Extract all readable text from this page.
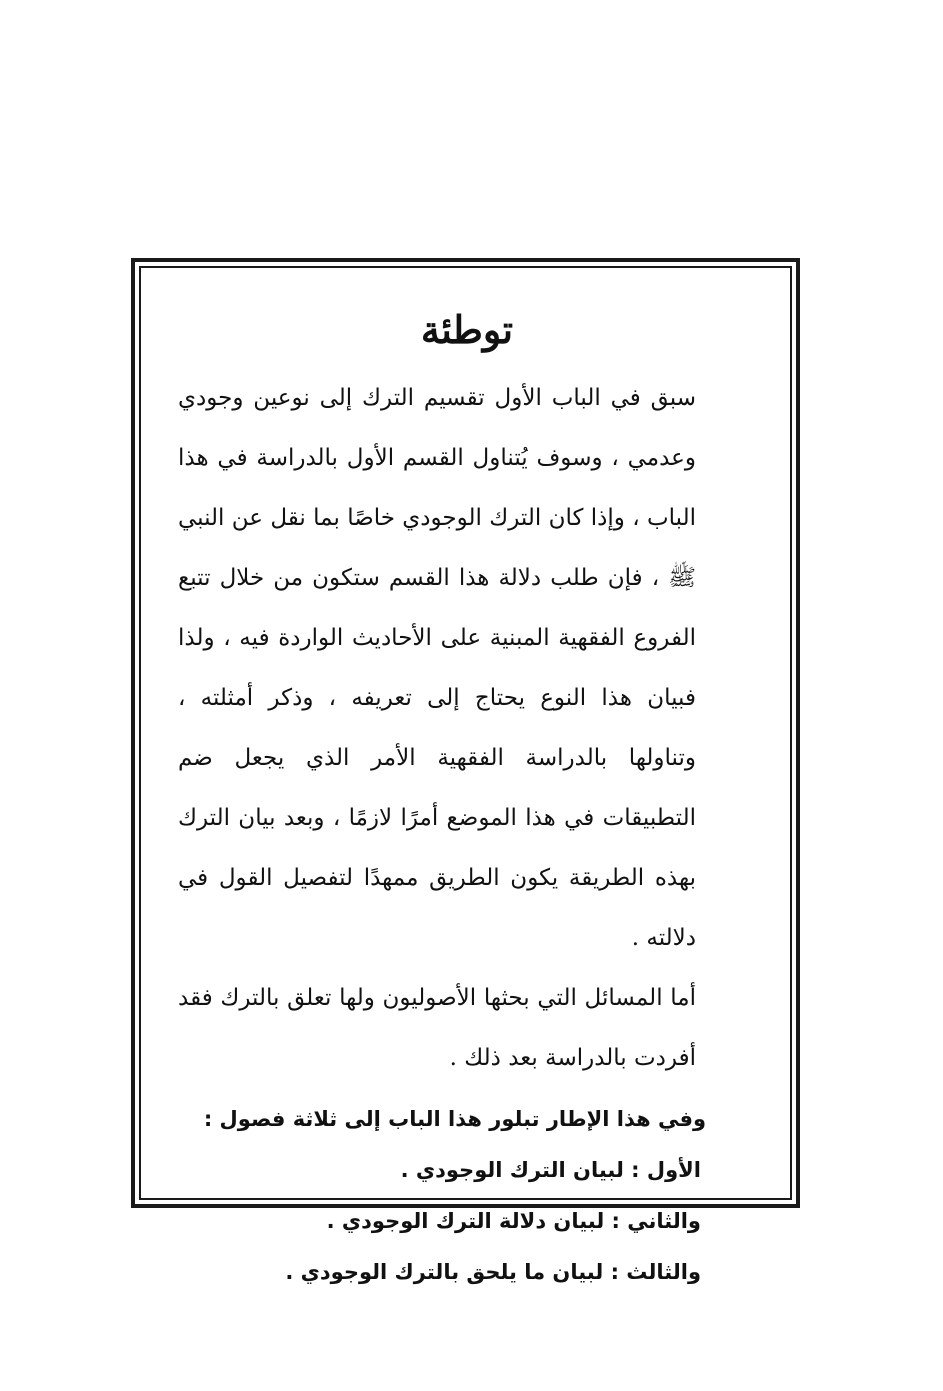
توطئة

سبق في الباب الأول تقسيم الترك إلى نوعين وجودي وعدمي ، وسوف يُتناول القسم الأول بالدراسة في هذا الباب ، وإذا كان الترك الوجودي خاصًا بما نقل عن النبي ﷺ ، فإن طلب دلالة هذا القسم ستكون من خلال تتبع الفروع الفقهية المبنية على الأحاديث الواردة فيه ، ولذا فبيان هذا النوع يحتاج إلى تعريفه ، وذكر أمثلته ، وتناولها بالدراسة الفقهية الأمر الذي يجعل ضم التطبيقات في هذا الموضع أمرًا لازمًا ، وبعد بيان الترك بهذه الطريقة يكون الطريق ممهدًا لتفصيل القول في دلالته .

أما المسائل التي بحثها الأصوليون ولها تعلق بالترك فقد أفردت بالدراسة بعد ذلك .

وفي هذا الإطار تبلور هذا الباب إلى ثلاثة فصول :

الأول : لبيان الترك الوجودي .

والثاني : لبيان دلالة الترك الوجودي .

والثالث : لبيان ما يلحق بالترك الوجودي .
